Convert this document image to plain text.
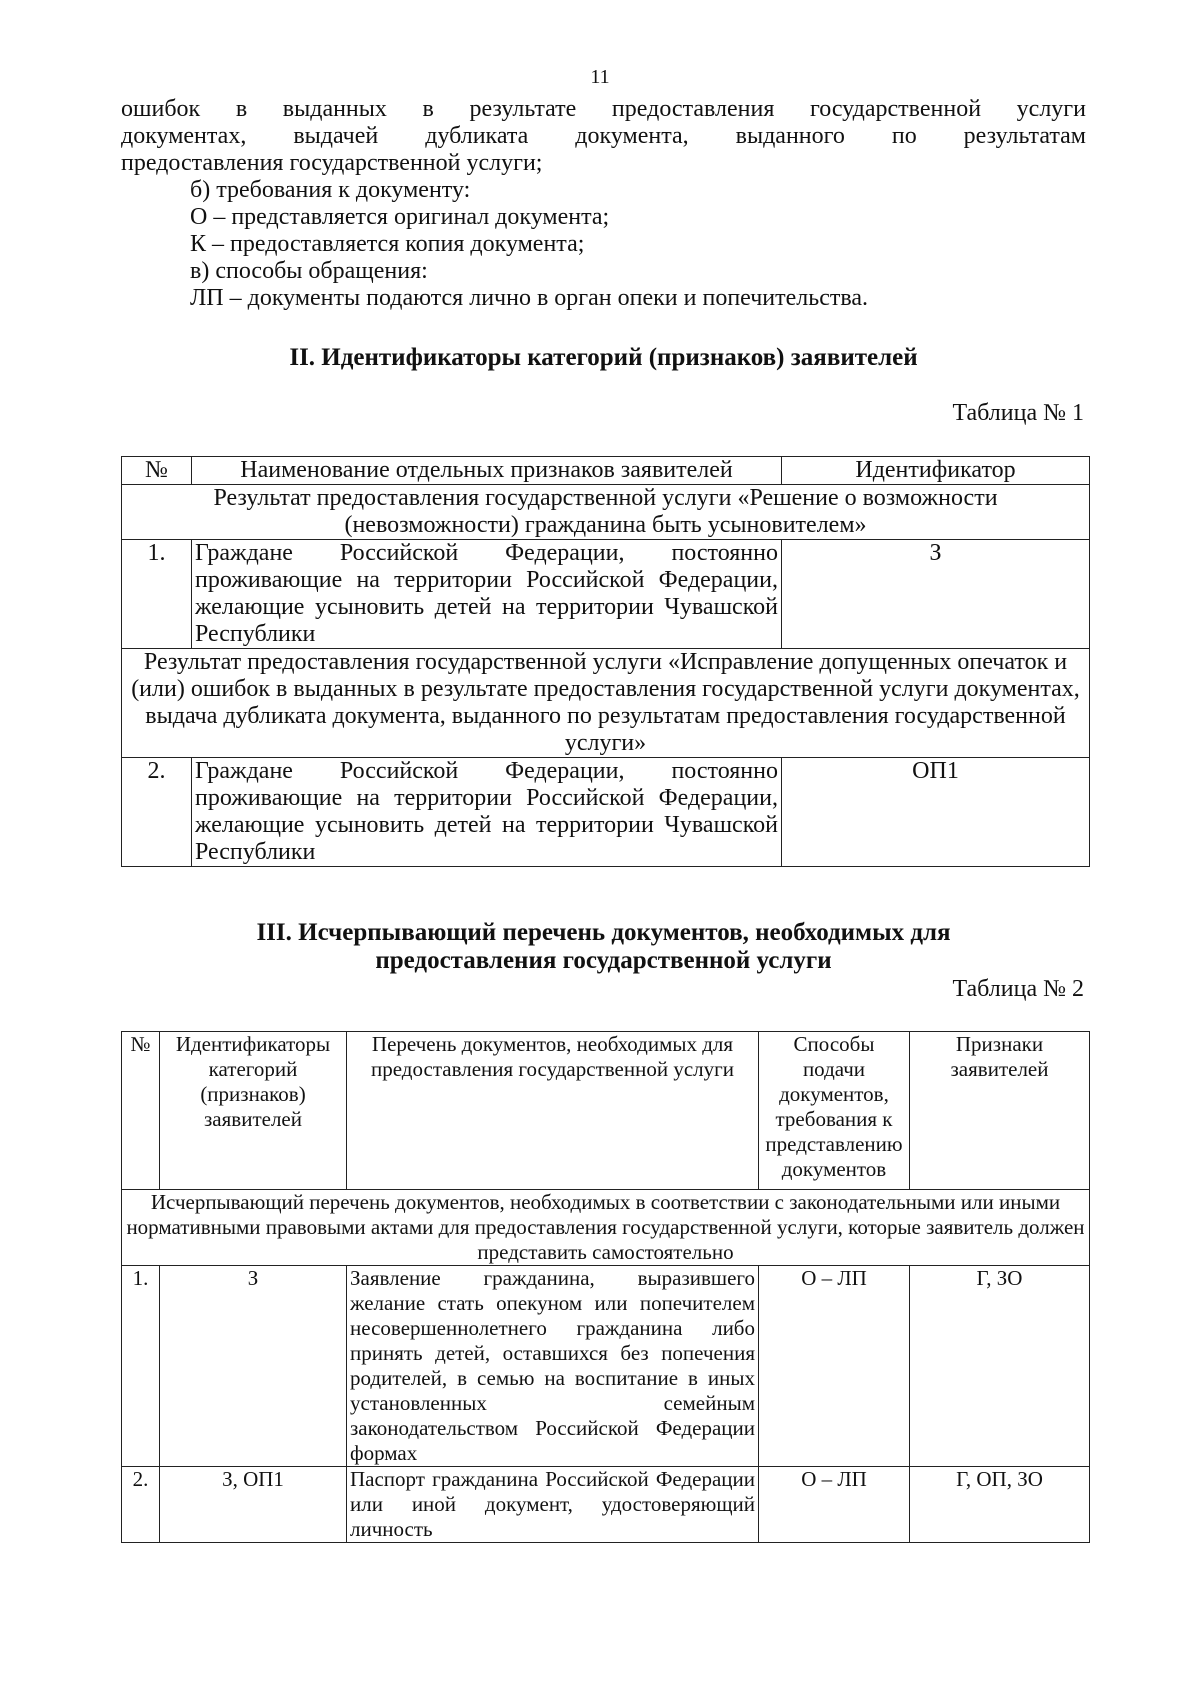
11
ошибок в выданных в результате предоставления государственной услуги
документах, выдачей дубликата документа, выданного по результатам
предоставления государственной услуги;
б) требования к документу:
О – представляется оригинал документа;
К – предоставляется копия документа;
в) способы обращения:
ЛП – документы подаются лично в орган опеки и попечительства.
II. Идентификаторы категорий (признаков) заявителей
Таблица № 1
№	Наименование отдельных признаков заявителей	Идентификатор
Результат предоставления государственной услуги «Решение о возможности (невозможности) гражданина быть усыновителем»		
1.	Граждане Российской Федерации, постоянно проживающие на территории Российской Федерации, желающие усыновить детей на территории Чувашской Республики	З
Результат предоставления государственной услуги «Исправление допущенных опечаток и (или) ошибок в выданных в результате предоставления государственной услуги документах, выдача дубликата документа, выданного по результатам предоставления государственной услуги»		
2.	Граждане Российской Федерации, постоянно проживающие на территории Российской Федерации, желающие усыновить детей на территории Чувашской Республики	ОП1
III. Исчерпывающий перечень документов, необходимых для предоставления государственной услуги
Таблица № 2
№	Идентификаторы категорий (признаков) заявителей	Перечень документов, необходимых для предоставления государственной услуги	Способы подачи документов, требования к представлению документов	Признаки заявителей
Исчерпывающий перечень документов, необходимых в соответствии с законодательными или иными нормативными правовыми актами для предоставления государственной услуги, которые заявитель должен представить самостоятельно				
1.	З	Заявление гражданина, выразившего желание стать опекуном или попечителем несовершеннолетнего гражданина либо принять детей, оставшихся без попечения родителей, в семью на воспитание в иных установленных семейным законодательством Российской Федерации формах	О – ЛП	Г, ЗО
2.	З, ОП1	Паспорт гражданина Российской Федерации или иной документ, удостоверяющий личность	О – ЛП	Г, ОП, ЗО
